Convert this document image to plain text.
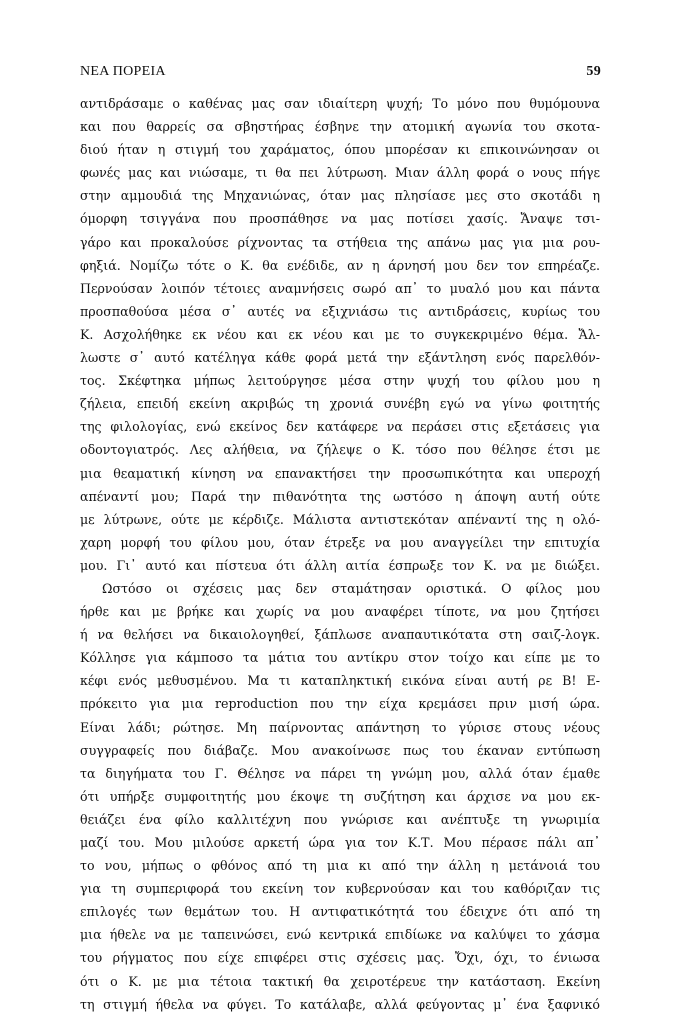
ΝΕΑ ΠΟΡΕΙΑ	59
αντιδράσαμε ο καθένας μας σαν ιδιαίτερη ψυχή; Το μόνο που θυμόμουνα
και που θαρρείς σα σβηστήρας έσβηνε την ατομική αγωνία του σκοτα-
διού ήταν η στιγμή του χαράματος, όπου μπορέσαν κι επικοινώνησαν οι
φωνές μας και νιώσαμε, τι θα πει λύτρωση. Μιαν άλλη φορά ο νους πήγε
στην αμμουδιά της Μηχανιώνας, όταν μας πλησίασε μες στο σκοτάδι η
όμορφη τσιγγάνα που προσπάθησε να μας ποτίσει χασίς. Ἄναψε τσι-
γάρο και προκαλούσε ρίχνοντας τα στήθεια της απάνω μας για μια ρου-
φηξιά. Νομίζω τότε ο Κ. θα ενέδιδε, αν η άρνησή μου δεν τον επηρέαζε.
Περνούσαν λοιπόν τέτοιες αναμνήσεις σωρό απ᾿ το μυαλό μου και πάντα
προσπαθούσα μέσα σ᾿ αυτές να εξιχνιάσω τις αντιδράσεις, κυρίως του
Κ. Ασχολήθηκε εκ νέου και εκ νέου και με το συγκεκριμένο θέμα. Ἄλ-
λωστε σ᾿ αυτό κατέληγα κάθε φορά μετά την εξάντληση ενός παρελθόν-
τος. Σκέφτηκα μήπως λειτούργησε μέσα στην ψυχή του φίλου μου η
ζήλεια, επειδή εκείνη ακριβώς τη χρονιά συνέβη εγώ να γίνω φοιτητής
της φιλολογίας, ενώ εκείνος δεν κατάφερε να περάσει στις εξετάσεις για
οδοντογιατρός. Λες αλήθεια, να ζήλεψε ο Κ. τόσο που θέλησε έτσι με
μια θεαματική κίνηση να επανακτήσει την προσωπικότητα και υπεροχή
απέναντί μου; Παρά την πιθανότητα της ωστόσο η άποψη αυτή ούτε
με λύτρωνε, ούτε με κέρδιζε. Μάλιστα αντιστεκόταν απέναντί της η ολό-
χαρη μορφή του φίλου μου, όταν έτρεξε να μου αναγγείλει την επιτυχία
μου. Γι᾿ αυτό και πίστευα ότι άλλη αιτία έσπρωξε τον Κ. να με διώξει.
Ωστόσο οι σχέσεις μας δεν σταμάτησαν οριστικά. Ο φίλος μου
ήρθε και με βρήκε και χωρίς να μου αναφέρει τίποτε, να μου ζητήσει
ή να θελήσει να δικαιολογηθεί, ξάπλωσε αναπαυτικότατα στη σαιζ-λογκ.
Κόλλησε για κάμποσο τα μάτια του αντίκρυ στον τοίχο και είπε με το
κέφι ενός μεθυσμένου. Μα τι καταπληκτική εικόνα είναι αυτή ρε Β! Ε-
πρόκειτο για μια reproduction που την είχα κρεμάσει πριν μισή ώρα.
Είναι λάδι; ρώτησε. Μη παίρνοντας απάντηση το γύρισε στους νέους
συγγραφείς που διάβαζε. Μου ανακοίνωσε πως του έκαναν εντύπωση
τα διηγήματα του Γ. Θέλησε να πάρει τη γνώμη μου, αλλά όταν έμαθε
ότι υπήρξε συμφοιτητής μου έκοψε τη συζήτηση και άρχισε να μου εκ-
θειάζει ένα φίλο καλλιτέχνη που γνώρισε και ανέπτυξε τη γνωριμία
μαζί του. Μου μιλούσε αρκετή ώρα για τον Κ.Τ. Μου πέρασε πάλι απ᾿
το νου, μήπως ο φθόνος από τη μια κι από την άλλη η μετάνοιά του
για τη συμπεριφορά του εκείνη τον κυβερνούσαν και του καθόριζαν τις
επιλογές των θεμάτων του. Η αντιφατικότητά του έδειχνε ότι από τη
μια ήθελε να με ταπεινώσει, ενώ κεντρικά επιδίωκε να καλύψει το χάσμα
του ρήγματος που είχε επιφέρει στις σχέσεις μας. Ὄχι, όχι, το ένιωσα
ότι ο Κ. με μια τέτοια τακτική θα χειροτέρευε την κατάσταση. Εκείνη
τη στιγμή ήθελα να φύγει. Το κατάλαβε, αλλά φεύγοντας μ᾿ ένα ξαφνικό
